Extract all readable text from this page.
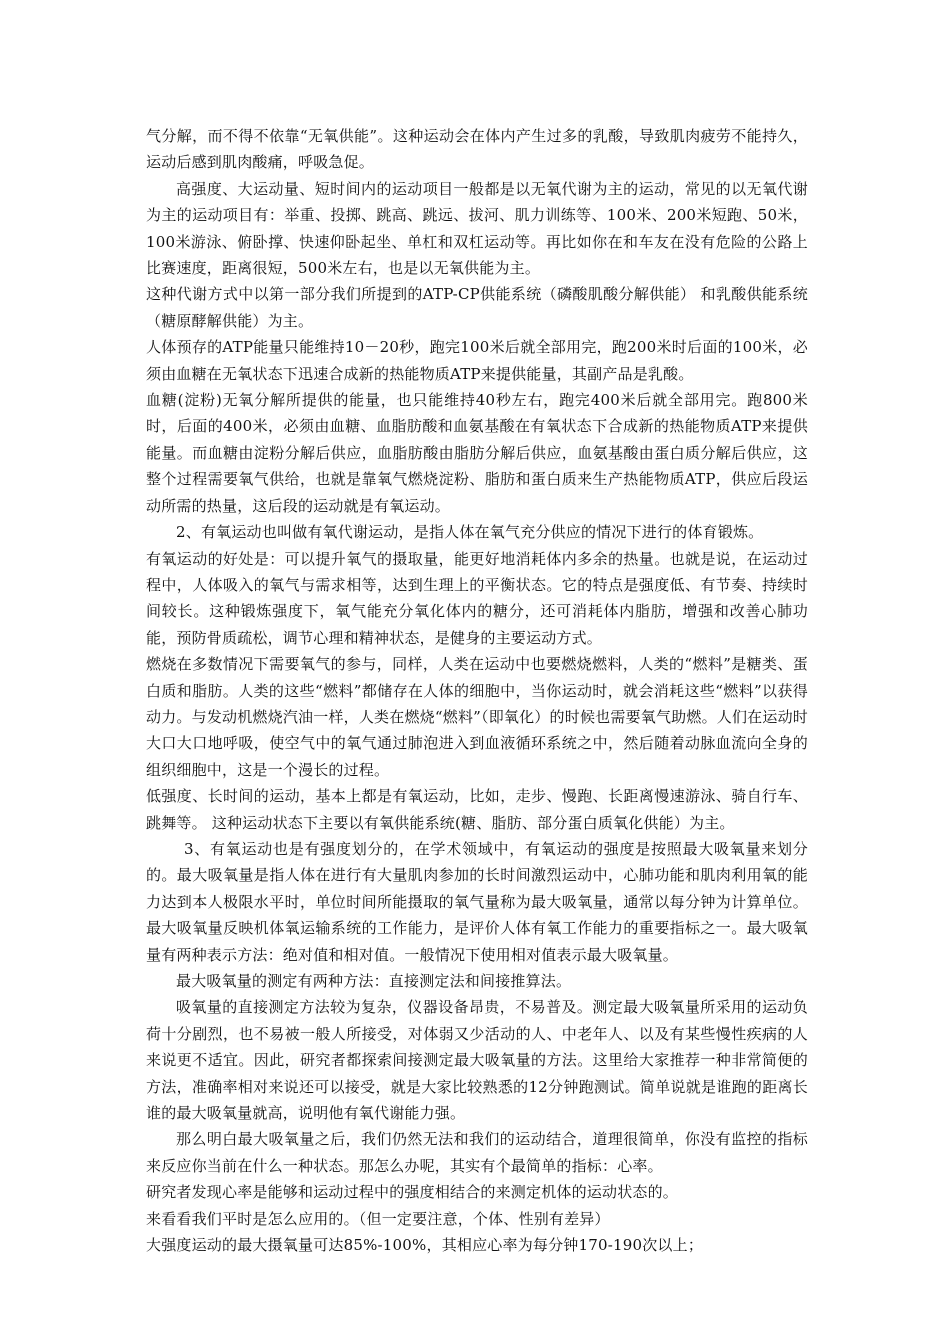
气分解，而不得不依靠“无氧供能”。这种运动会在体内产生过多的乳酸，导致肌肉疲劳不能持久，运动后感到肌肉酸痛，呼吸急促。

高强度、大运动量、短时间内的运动项目一般都是以无氧代谢为主的运动，常见的以无氧代谢为主的运动项目有：举重、投掷、跳高、跳远、拔河、肌力训练等、100米、200米短跑、50米，100米游泳、俯卧撑、快速仰卧起坐、单杠和双杠运动等。再比如你在和车友在没有危险的公路上比赛速度，距离很短，500米左右，也是以无氧供能为主。

这种代谢方式中以第一部分我们所提到的ATP-CP供能系统（磷酸肌酸分解供能） 和乳酸供能系统（糖原酵解供能）为主。

人体预存的ATP能量只能维持10－20秒，跑完100米后就全部用完，跑200米时后面的100米，必须由血糖在无氧状态下迅速合成新的热能物质ATP来提供能量，其副产品是乳酸。

血糖(淀粉)无氧分解所提供的能量，也只能维持40秒左右，跑完400米后就全部用完。跑800米时，后面的400米，必须由血糖、血脂肪酸和血氨基酸在有氧状态下合成新的热能物质ATP来提供能量。而血糖由淀粉分解后供应，血脂肪酸由脂肪分解后供应，血氨基酸由蛋白质分解后供应，这整个过程需要氧气供给，也就是靠氧气燃烧淀粉、脂肪和蛋白质来生产热能物质ATP，供应后段运动所需的热量，这后段的运动就是有氧运动。

2、有氧运动也叫做有氧代谢运动，是指人体在氧气充分供应的情况下进行的体育锻炼。

有氧运动的好处是：可以提升氧气的摄取量，能更好地消耗体内多余的热量。也就是说，在运动过程中，人体吸入的氧气与需求相等，达到生理上的平衡状态。它的特点是强度低、有节奏、持续时间较长。这种锻炼强度下，氧气能充分氧化体内的糖分，还可消耗体内脂肪，增强和改善心肺功能，预防骨质疏松，调节心理和精神状态，是健身的主要运动方式。

燃烧在多数情况下需要氧气的参与，同样，人类在运动中也要燃烧燃料，人类的“燃料”是糖类、蛋白质和脂肪。人类的这些“燃料”都储存在人体的细胞中，当你运动时，就会消耗这些“燃料”以获得动力。与发动机燃烧汽油一样，人类在燃烧“燃料”（即氧化）的时候也需要氧气助燃。人们在运动时大口大口地呼吸，使空气中的氧气通过肺泡进入到血液循环系统之中，然后随着动脉血流向全身的组织细胞中，这是一个漫长的过程。

低强度、长时间的运动，基本上都是有氧运动，比如，走步、慢跑、长距离慢速游泳、骑自行车、跳舞等。 这种运动状态下主要以有氧供能系统(糖、脂肪、部分蛋白质氧化供能）为主。

3、有氧运动也是有强度划分的，在学术领域中，有氧运动的强度是按照最大吸氧量来划分的。最大吸氧量是指人体在进行有大量肌肉参加的长时间激烈运动中，心肺功能和肌肉利用氧的能力达到本人极限水平时，单位时间所能摄取的氧气量称为最大吸氧量，通常以每分钟为计算单位。最大吸氧量反映机体氧运输系统的工作能力，是评价人体有氧工作能力的重要指标之一。最大吸氧量有两种表示方法：绝对值和相对值。一般情况下使用相对值表示最大吸氧量。

最大吸氧量的测定有两种方法：直接测定法和间接推算法。

吸氧量的直接测定方法较为复杂，仪器设备昂贵，不易普及。测定最大吸氧量所采用的运动负荷十分剧烈，也不易被一般人所接受，对体弱又少活动的人、中老年人、以及有某些慢性疾病的人来说更不适宜。因此，研究者都探索间接测定最大吸氧量的方法。这里给大家推荐一种非常简便的方法，准确率相对来说还可以接受，就是大家比较熟悉的12分钟跑测试。简单说就是谁跑的距离长谁的最大吸氧量就高，说明他有氧代谢能力强。

那么明白最大吸氧量之后，我们仍然无法和我们的运动结合，道理很简单，你没有监控的指标来反应你当前在什么一种状态。那怎么办呢，其实有个最简单的指标：心率。

研究者发现心率是能够和运动过程中的强度相结合的来测定机体的运动状态的。

来看看我们平时是怎么应用的。（但一定要注意，个体、性别有差异）

大强度运动的最大摄氧量可达85%-100%，其相应心率为每分钟170-190次以上；
